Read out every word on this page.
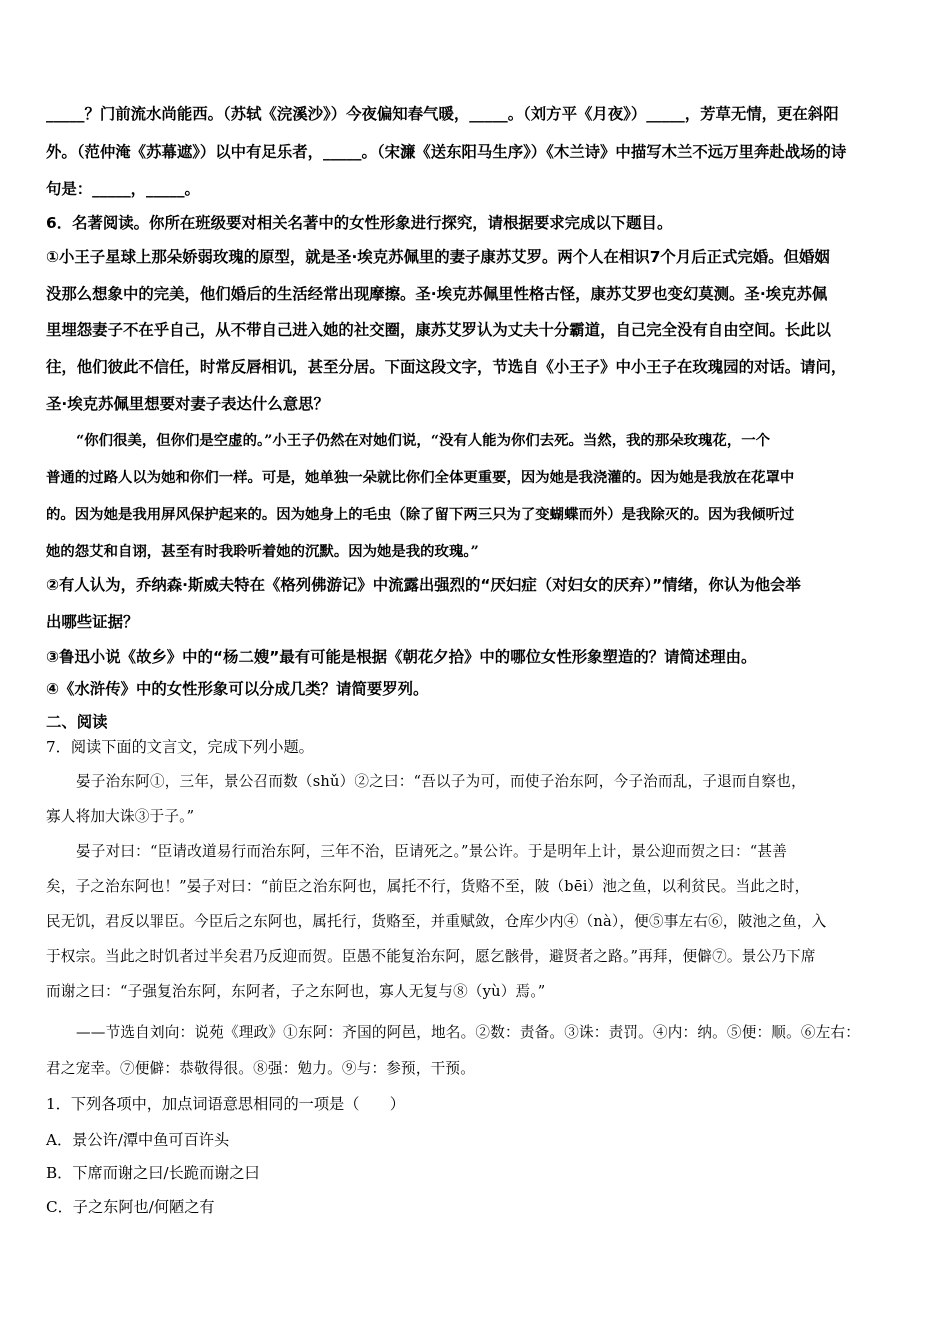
_____？门前流水尚能西。（苏轼《浣溪沙》）今夜偏知春气暖，_____。（刘方平《月夜》）_____，芳草无情，更在斜阳
外。（范仲淹《苏幕遮》）以中有足乐者，_____。（宋濂《送东阳马生序》）《木兰诗》中描写木兰不远万里奔赴战场的诗
句是：_____，_____。
6．名著阅读。你所在班级要对相关名著中的女性形象进行探究，请根据要求完成以下题目。
①小王子星球上那朵娇弱玫瑰的原型，就是圣·埃克苏佩里的妻子康苏艾罗。两个人在相识7个月后正式完婚。但婚姻
没那么想象中的完美，他们婚后的生活经常出现摩擦。圣·埃克苏佩里性格古怪，康苏艾罗也变幻莫测。圣·埃克苏佩
里埋怨妻子不在乎自己，从不带自己进入她的社交圈，康苏艾罗认为丈夫十分霸道，自己完全没有自由空间。长此以
往，他们彼此不信任，时常反唇相讥，甚至分居。下面这段文字，节选自《小王子》中小王子在玫瑰园的对话。请问，
圣·埃克苏佩里想要对妻子表达什么意思？
“你们很美，但你们是空虚的。”小王子仍然在对她们说，“没有人能为你们去死。当然，我的那朵玫瑰花，一个
普通的过路人以为她和你们一样。可是，她单独一朵就比你们全体更重要，因为她是我浇灌的。因为她是我放在花罩中
的。因为她是我用屏风保护起来的。因为她身上的毛虫（除了留下两三只为了变蝴蝶而外）是我除灭的。因为我倾听过
她的怨艾和自诩，甚至有时我聆听着她的沉默。因为她是我的玫瑰。”
②有人认为，乔纳森·斯威夫特在《格列佛游记》中流露出强烈的“厌妇症（对妇女的厌弃）”情绪，你认为他会举
出哪些证据？
③鲁迅小说《故乡》中的“杨二嫂”最有可能是根据《朝花夕拾》中的哪位女性形象塑造的？请简述理由。
④《水浒传》中的女性形象可以分成几类？请简要罗列。
二、阅读
7．阅读下面的文言文，完成下列小题。
晏子治东阿①，三年，景公召而数（shǔ）②之曰：“吾以子为可，而使子治东阿，今子治而乱，子退而自察也，
寡人将加大诛③于子。”
晏子对曰：“臣请改道易行而治东阿，三年不治，臣请死之。”景公许。于是明年上计，景公迎而贺之曰：“甚善
矣，子之治东阿也！”晏子对曰：“前臣之治东阿也，属托不行，货赂不至，陂（bēi）池之鱼，以利贫民。当此之时，
民无饥，君反以罪臣。今臣后之东阿也，属托行，货赂至，并重赋敛，仓库少内④（nà），便⑤事左右⑥，陂池之鱼，入
于权宗。当此之时饥者过半矣君乃反迎而贺。臣愚不能复治东阿，愿乞骸骨，避贤者之路。”再拜，便僻⑦。景公乃下席
而谢之曰：“子强复治东阿，东阿者，子之东阿也，寡人无复与⑧（yù）焉。”
——节选自刘向：说苑《理政》①东阿：齐国的阿邑，地名。②数：责备。③诛：责罚。④内：纳。⑤便：顺。⑥左右：
君之宠幸。⑦便僻：恭敬得很。⑧强：勉力。⑨与：参预，干预。
1．下列各项中，加点词语意思相同的一项是（　　）
A．景公许/潭中鱼可百许头
B．下席而谢之曰/长跪而谢之曰
C．子之东阿也/何陋之有
